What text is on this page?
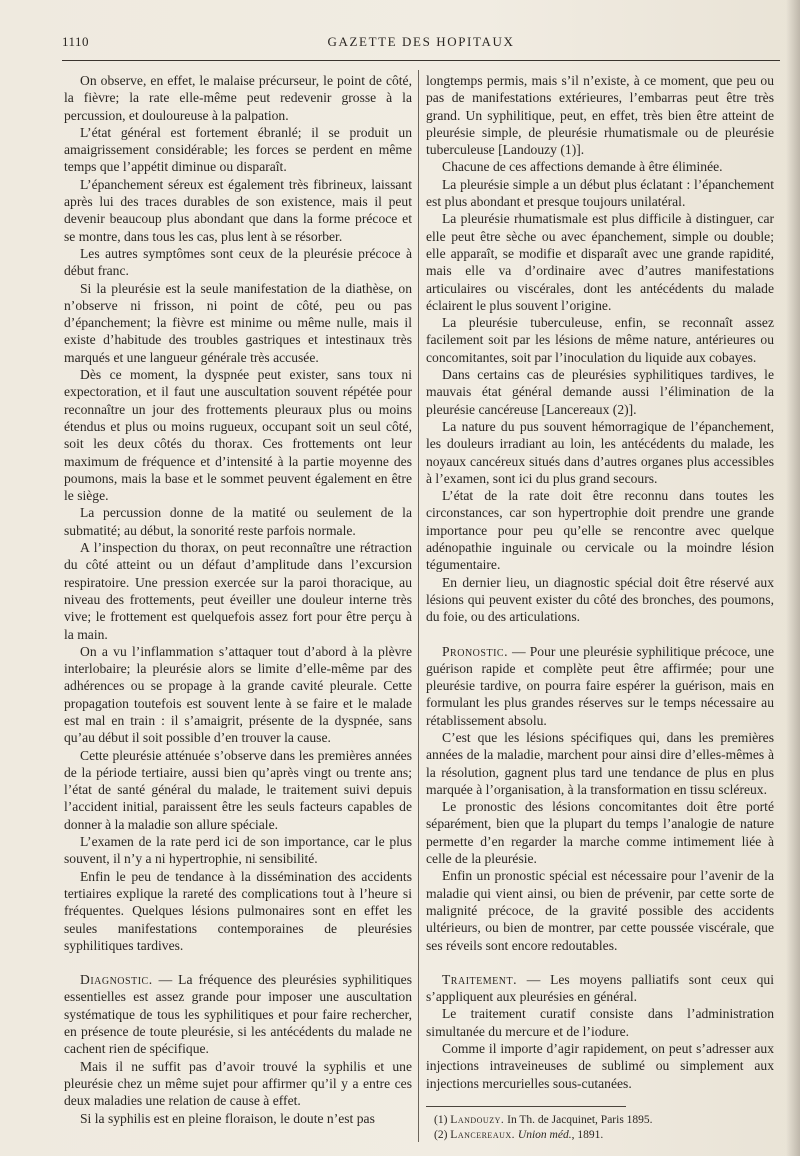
1110	GAZETTE DES HOPITAUX

On observe, en effet, le malaise précurseur, le point de côté, la fièvre; la rate elle-même peut redevenir grosse à la percussion, et douloureuse à la palpation.

L’état général est fortement ébranlé; il se produit un amaigrissement considérable; les forces se perdent en même temps que l’appétit diminue ou disparaît.

L’épanchement séreux est également très fibrineux, laissant après lui des traces durables de son existence, mais il peut devenir beaucoup plus abondant que dans la forme précoce et se montre, dans tous les cas, plus lent à se résorber.

Les autres symptômes sont ceux de la pleurésie précoce à début franc.

Si la pleurésie est la seule manifestation de la diathèse, on n’observe ni frisson, ni point de côté, peu ou pas d’épanchement; la fièvre est minime ou même nulle, mais il existe d’habitude des troubles gastriques et intestinaux très marqués et une langueur générale très accusée.

Dès ce moment, la dyspnée peut exister, sans toux ni expectoration, et il faut une auscultation souvent répétée pour reconnaître un jour des frottements pleuraux plus ou moins étendus et plus ou moins rugueux, occupant soit un seul côté, soit les deux côtés du thorax. Ces frottements ont leur maximum de fréquence et d’intensité à la partie moyenne des poumons, mais la base et le sommet peuvent également en être le siège.

La percussion donne de la matité ou seulement de la submatité; au début, la sonorité reste parfois normale.

A l’inspection du thorax, on peut reconnaître une rétraction du côté atteint ou un défaut d’amplitude dans l’excursion respiratoire. Une pression exercée sur la paroi thoracique, au niveau des frottements, peut éveiller une douleur interne très vive; le frottement est quelquefois assez fort pour être perçu à la main.

On a vu l’inflammation s’attaquer tout d’abord à la plèvre interlobaire; la pleurésie alors se limite d’elle-même par des adhérences ou se propage à la grande cavité pleurale. Cette propagation toutefois est souvent lente à se faire et le malade est mal en train : il s’amaigrit, présente de la dyspnée, sans qu’au début il soit possible d’en trouver la cause.

Cette pleurésie atténuée s’observe dans les premières années de la période tertiaire, aussi bien qu’après vingt ou trente ans; l’état de santé général du malade, le traitement suivi depuis l’accident initial, paraissent être les seuls facteurs capables de donner à la maladie son allure spéciale.

L’examen de la rate perd ici de son importance, car le plus souvent, il n’y a ni hypertrophie, ni sensibilité.

Enfin le peu de tendance à la dissémination des accidents tertiaires explique la rareté des complications tout à l’heure si fréquentes. Quelques lésions pulmonaires sont en effet les seules manifestations contemporaines de pleurésies syphilitiques tardives.

Diagnostic. — La fréquence des pleurésies syphilitiques essentielles est assez grande pour imposer une auscultation systématique de tous les syphilitiques et pour faire rechercher, en présence de toute pleurésie, si les antécédents du malade ne cachent rien de spécifique.

Mais il ne suffit pas d’avoir trouvé la syphilis et une pleurésie chez un même sujet pour affirmer qu’il y a entre ces deux maladies une relation de cause à effet.

Si la syphilis est en pleine floraison, le doute n’est pas

longtemps permis, mais s’il n’existe, à ce moment, que peu ou pas de manifestations extérieures, l’embarras peut être très grand. Un syphilitique, peut, en effet, très bien être atteint de pleurésie simple, de pleurésie rhumatismale ou de pleurésie tuberculeuse [Landouzy (1)].

Chacune de ces affections demande à être éliminée.

La pleurésie simple a un début plus éclatant : l’épanchement est plus abondant et presque toujours unilatéral.

La pleurésie rhumatismale est plus difficile à distinguer, car elle peut être sèche ou avec épanchement, simple ou double; elle apparaît, se modifie et disparaît avec une grande rapidité, mais elle va d’ordinaire avec d’autres manifestations articulaires ou viscérales, dont les antécédents du malade éclairent le plus souvent l’origine.

La pleurésie tuberculeuse, enfin, se reconnaît assez facilement soit par les lésions de même nature, antérieures ou concomitantes, soit par l’inoculation du liquide aux cobayes.

Dans certains cas de pleurésies syphilitiques tardives, le mauvais état général demande aussi l’élimination de la pleurésie cancéreuse [Lancereaux (2)].

La nature du pus souvent hémorragique de l’épanchement, les douleurs irradiant au loin, les antécédents du malade, les noyaux cancéreux situés dans d’autres organes plus accessibles à l’examen, sont ici du plus grand secours.

L’état de la rate doit être reconnu dans toutes les circonstances, car son hypertrophie doit prendre une grande importance pour peu qu’elle se rencontre avec quelque adénopathie inguinale ou cervicale ou la moindre lésion tégumentaire.

En dernier lieu, un diagnostic spécial doit être réservé aux lésions qui peuvent exister du côté des bronches, des poumons, du foie, ou des articulations.

Pronostic. — Pour une pleurésie syphilitique précoce, une guérison rapide et complète peut être affirmée; pour une pleurésie tardive, on pourra faire espérer la guérison, mais en formulant les plus grandes réserves sur le temps nécessaire au rétablissement absolu.

C’est que les lésions spécifiques qui, dans les premières années de la maladie, marchent pour ainsi dire d’elles-mêmes à la résolution, gagnent plus tard une tendance de plus en plus marquée à l’organisation, à la transformation en tissu scléreux.

Le pronostic des lésions concomitantes doit être porté séparément, bien que la plupart du temps l’analogie de nature permette d’en regarder la marche comme intimement liée à celle de la pleurésie.

Enfin un pronostic spécial est nécessaire pour l’avenir de la maladie qui vient ainsi, ou bien de prévenir, par cette sorte de malignité précoce, de la gravité possible des accidents ultérieurs, ou bien de montrer, par cette poussée viscérale, que ses réveils sont encore redoutables.

Traitement. — Les moyens palliatifs sont ceux qui s’appliquent aux pleurésies en général.

Le traitement curatif consiste dans l’administration simultanée du mercure et de l’iodure.

Comme il importe d’agir rapidement, on peut s’adresser aux injections intraveineuses de sublimé ou simplement aux injections mercurielles sous-cutanées.

(1) Landouzy. In Th. de Jacquinet, Paris 1895.

(2) Lancereaux. Union méd., 1891.
